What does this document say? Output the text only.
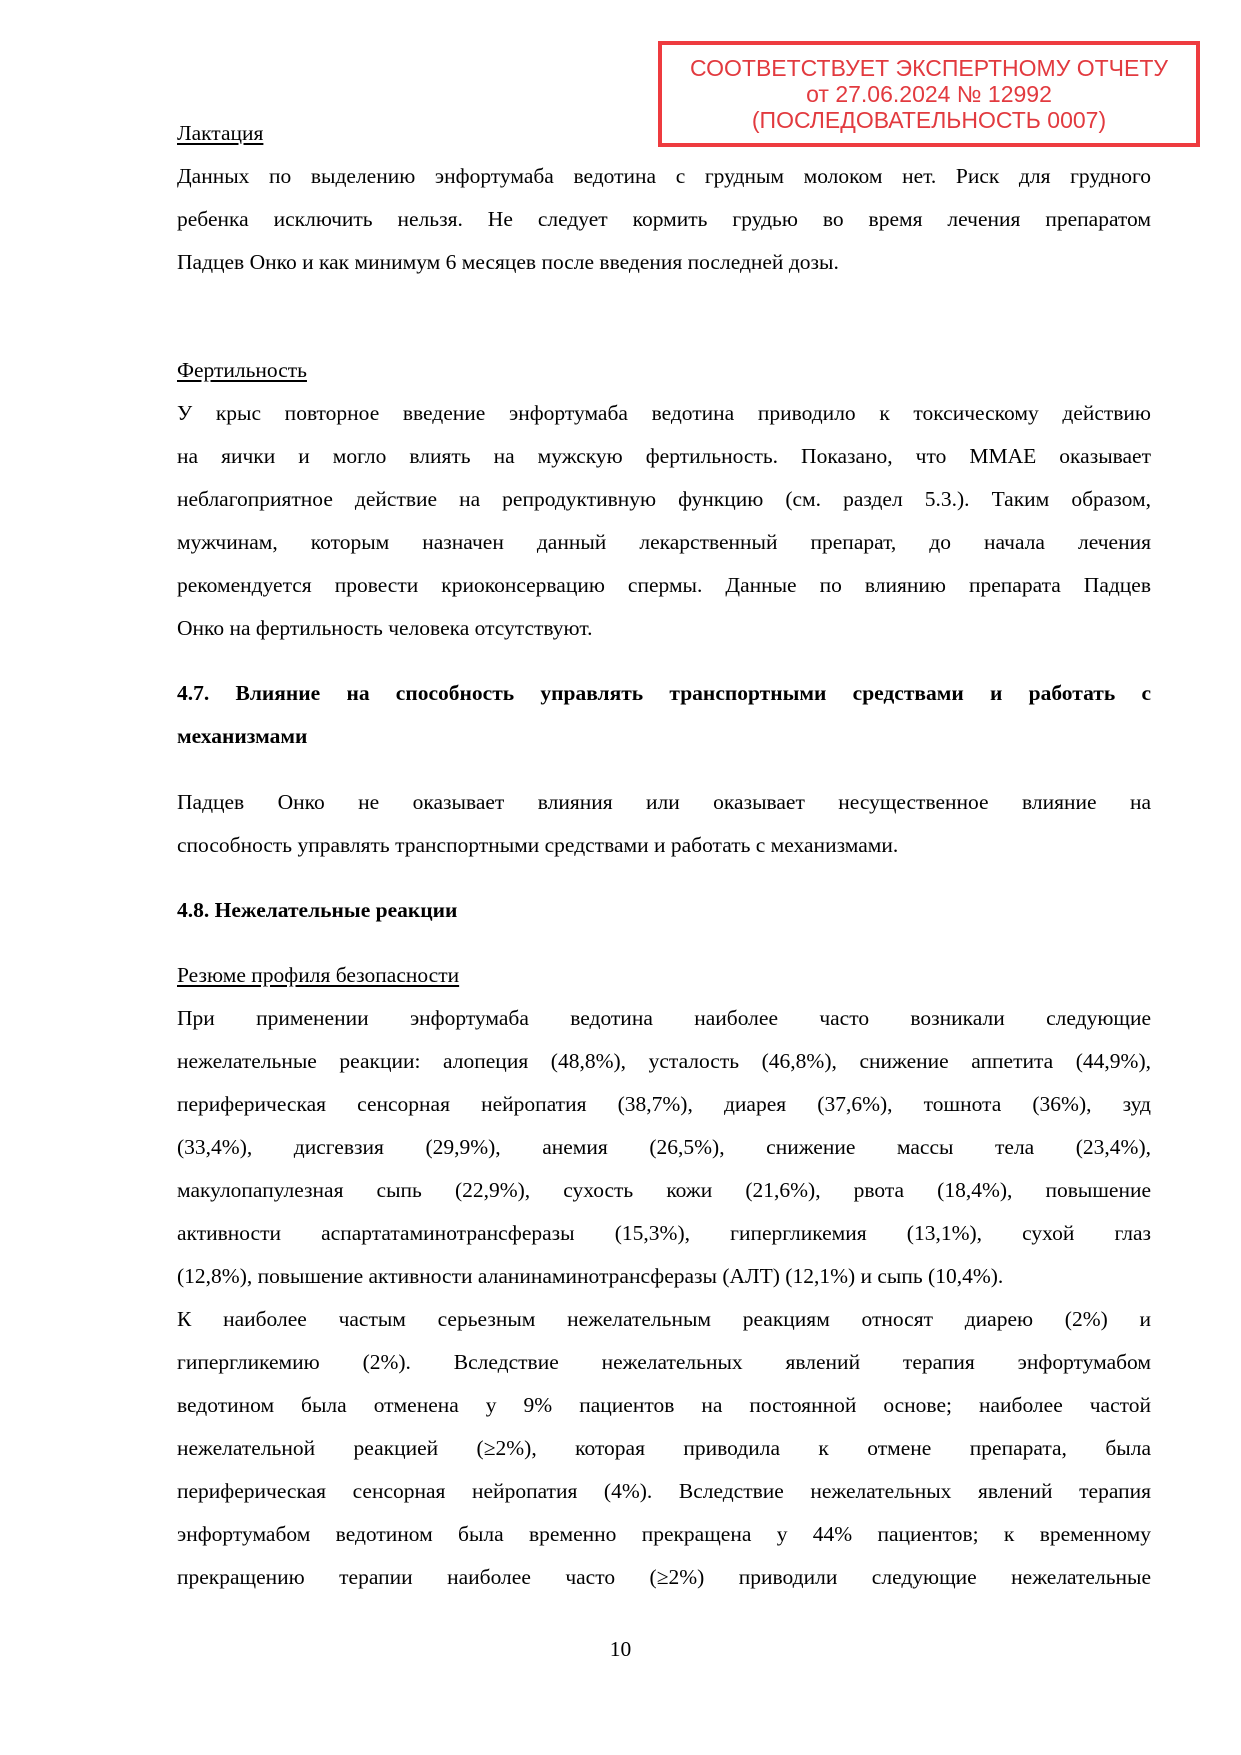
СООТВЕТСТВУЕТ ЭКСПЕРТНОМУ ОТЧЕТУ
от 27.06.2024 № 12992
(ПОСЛЕДОВАТЕЛЬНОСТЬ 0007)
Лактация
Данных по выделению энфортумаба ведотина с грудным молоком нет. Риск для грудного
ребенка исключить нельзя. Не следует кормить грудью во время лечения препаратом
Падцев Онко и как минимум 6 месяцев после введения последней дозы.
Фертильность
У крыс повторное введение энфортумаба ведотина приводило к токсическому действию
на яички и могло влиять на мужскую фертильность. Показано, что ММАЕ оказывает
неблагоприятное действие на репродуктивную функцию (см. раздел 5.3.). Таким образом,
мужчинам, которым назначен данный лекарственный препарат, до начала лечения
рекомендуется провести криоконсервацию спермы. Данные по влиянию препарата Падцев
Онко на фертильность человека отсутствуют.
4.7. Влияние на способность управлять транспортными средствами и работать с
механизмами
Падцев Онко не оказывает влияния или оказывает несущественное влияние на
способность управлять транспортными средствами и работать с механизмами.
4.8. Нежелательные реакции
Резюме профиля безопасности
При применении энфортумаба ведотина наиболее часто возникали следующие
нежелательные реакции: алопеция (48,8%), усталость (46,8%), снижение аппетита (44,9%),
периферическая сенсорная нейропатия (38,7%), диарея (37,6%), тошнота (36%), зуд
(33,4%), дисгевзия (29,9%), анемия (26,5%), снижение массы тела (23,4%),
макулопапулезная сыпь (22,9%), сухость кожи (21,6%), рвота (18,4%), повышение
активности аспартатаминотрансферазы (15,3%), гипергликемия (13,1%), сухой глаз
(12,8%), повышение активности аланинаминотрансферазы (АЛТ) (12,1%) и сыпь (10,4%).
К наиболее частым серьезным нежелательным реакциям относят диарею (2%) и
гипергликемию (2%). Вследствие нежелательных явлений терапия энфортумабом
ведотином была отменена у 9% пациентов на постоянной основе; наиболее частой
нежелательной реакцией (≥2%), которая приводила к отмене препарата, была
периферическая сенсорная нейропатия (4%). Вследствие нежелательных явлений терапия
энфортумабом ведотином была временно прекращена у 44% пациентов; к временному
прекращению терапии наиболее часто (≥2%) приводили следующие нежелательные
10
